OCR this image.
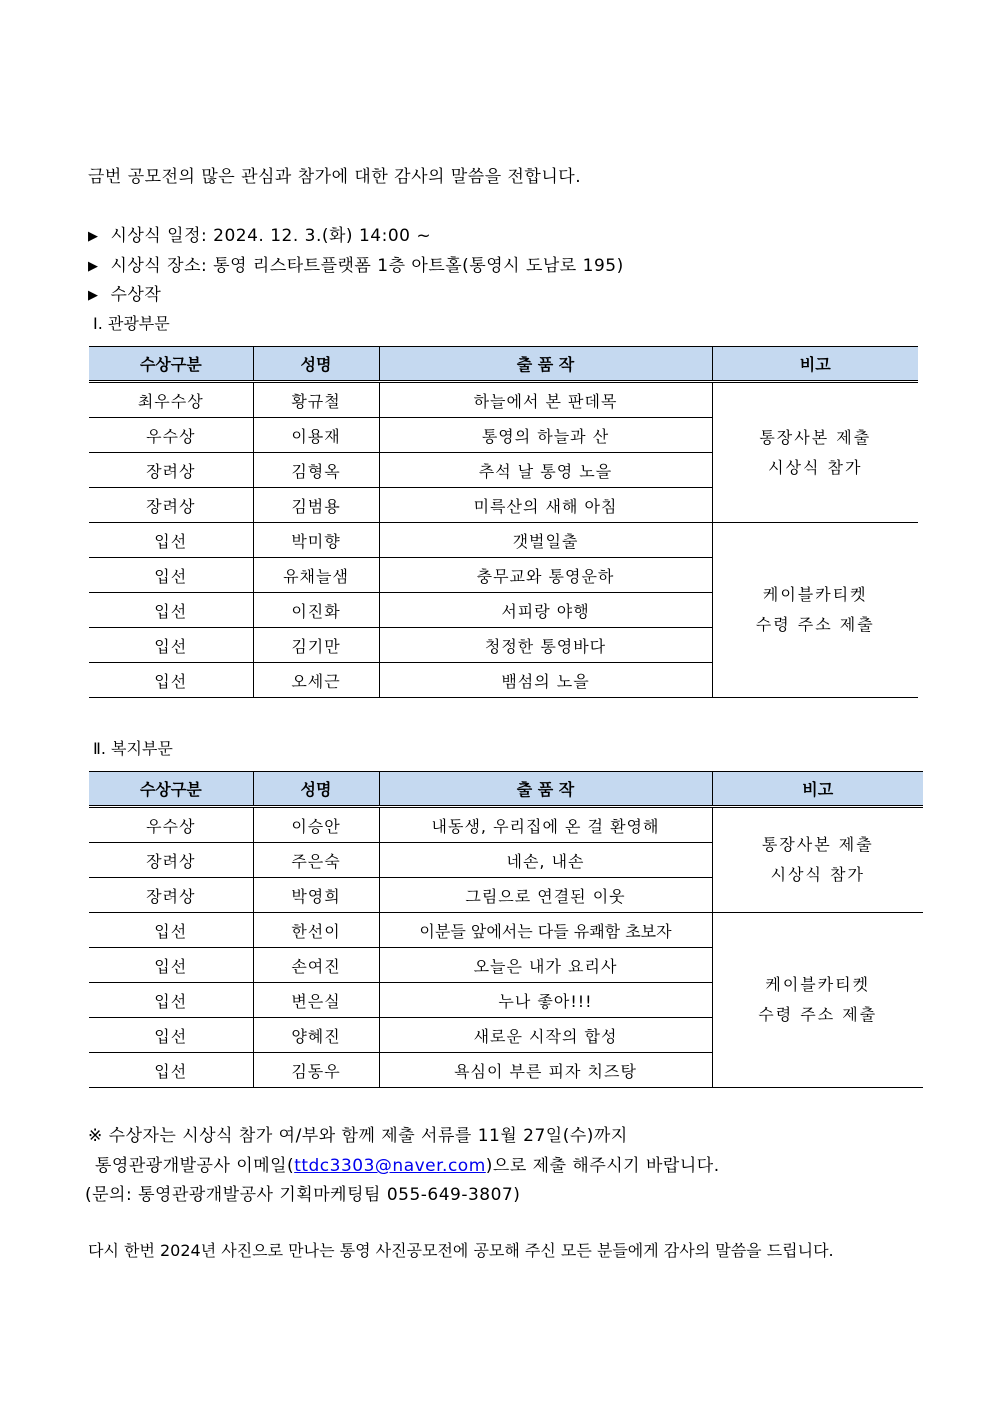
금번 공모전의 많은 관심과 참가에 대한 감사의 말씀을 전합니다.
▶ 시상식 일정: 2024. 12. 3.(화) 14:00 ~
▶ 시상식 장소: 통영 리스타트플랫폼 1층 아트홀(통영시 도남로 195)
▶ 수상작
Ⅰ. 관광부문
수상구분	성명	출 품 작	비고
최우수상	황규철	하늘에서 본 판데목	통장사본 제출
시상식 참가
우수상	이용재	통영의 하늘과 산	
장려상	김형옥	추석 날 통영 노을	
장려상	김범용	미륵산의 새해 아침	
입선	박미향	갯벌일출	케이블카티켓
수령 주소 제출
입선	유채늘샘	충무교와 통영운하	
입선	이진화	서피랑 야행	
입선	김기만	청정한 통영바다	
입선	오세근	뱀섬의 노을	
Ⅱ. 복지부문
수상구분	성명	출 품 작	비고
우수상	이승안	내동생, 우리집에 온 걸 환영해	통장사본 제출
시상식 참가
장려상	주은숙	네손, 내손	
장려상	박영희	그림으로 연결된 이웃	
입선	한선이	이분들 앞에서는 다들 유쾌함 초보자	케이블카티켓
수령 주소 제출
입선	손여진	오늘은 내가 요리사	
입선	변은실	누나 좋아!!!	
입선	양혜진	새로운 시작의 합성	
입선	김동우	욕심이 부른 피자 치즈탕	
※ 수상자는 시상식 참가 여/부와 함께 제출 서류를 11월 27일(수)까지
통영관광개발공사 이메일(ttdc3303@naver.com)으로 제출 해주시기 바랍니다.
(문의: 통영관광개발공사 기획마케팅팀 055-649-3807)
다시 한번 2024년 사진으로 만나는 통영 사진공모전에 공모해 주신 모든 분들에게 감사의 말씀을 드립니다.
